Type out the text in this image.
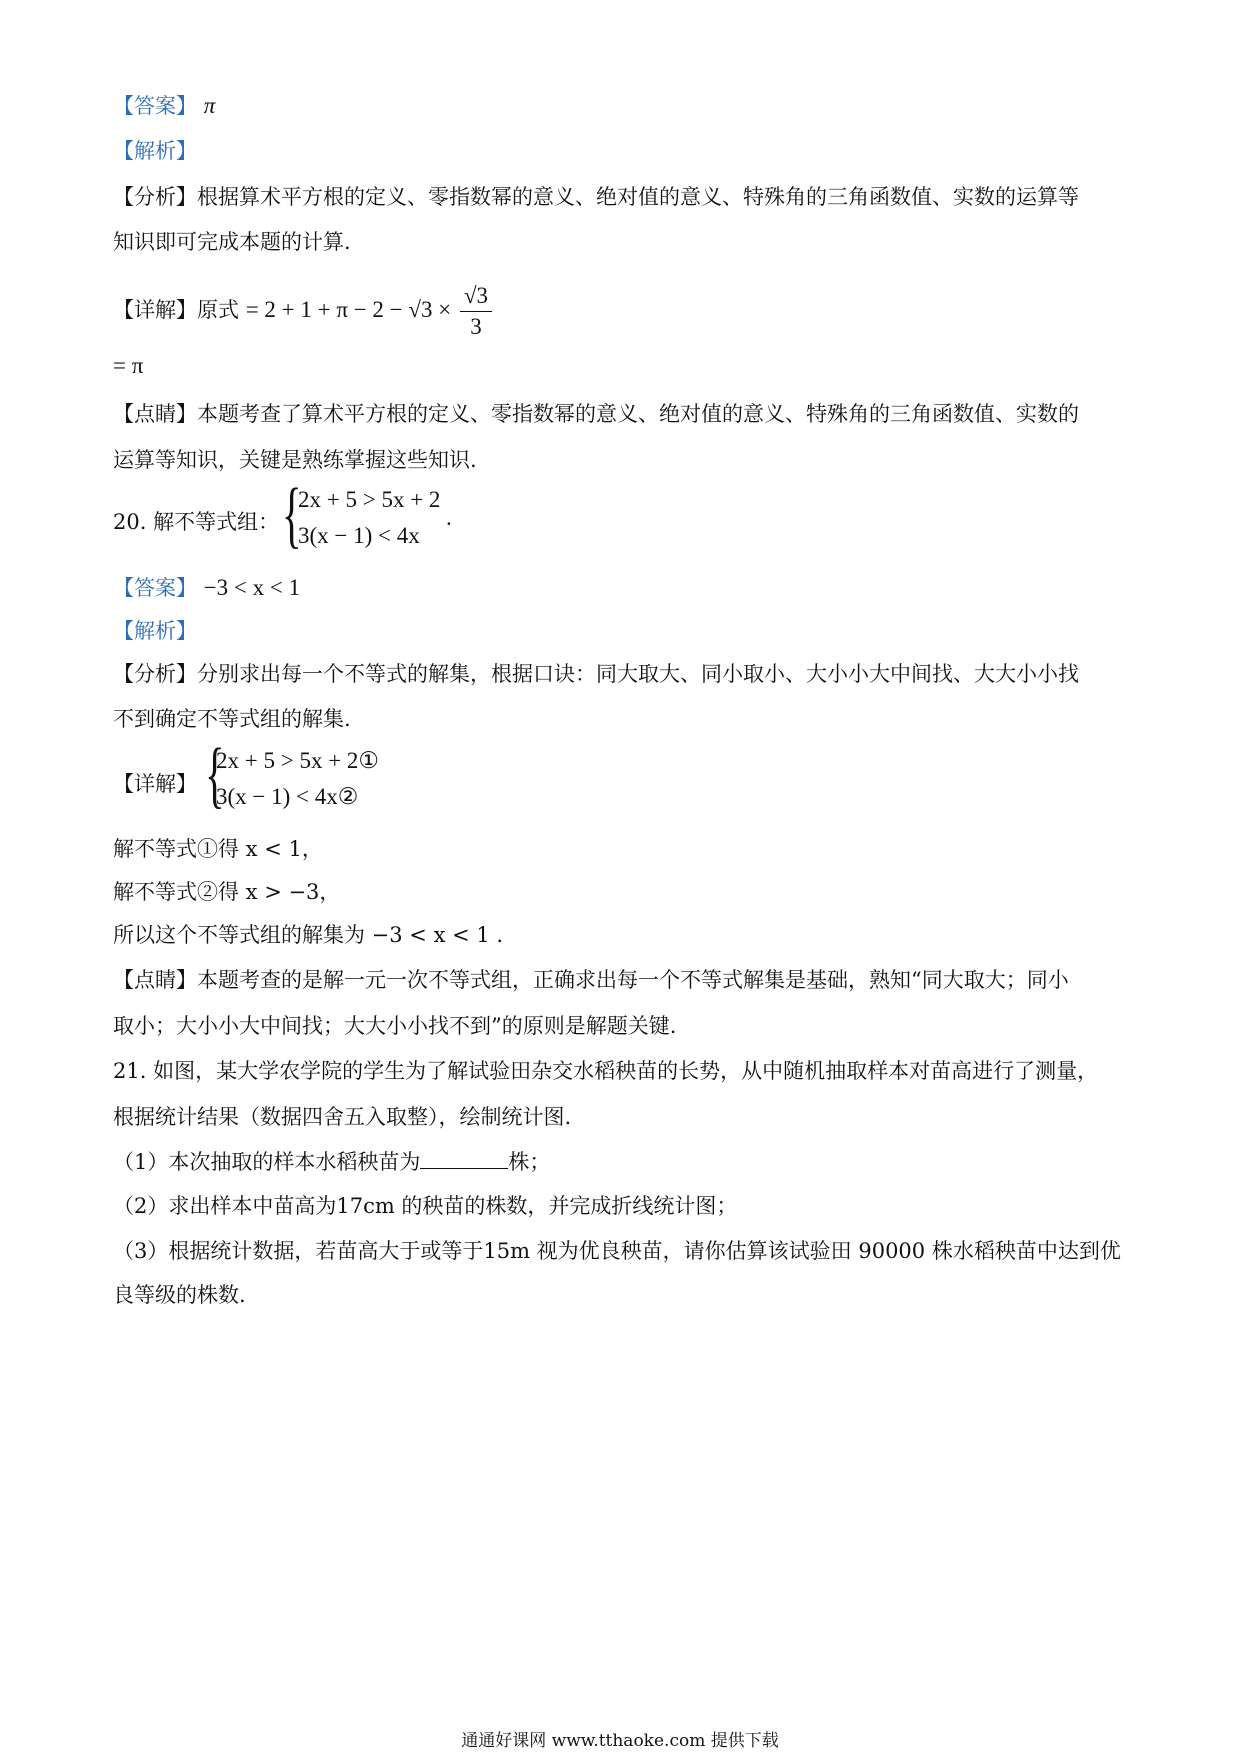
【答案】 π
【解析】
【分析】根据算术平方根的定义、零指数幂的意义、绝对值的意义、特殊角的三角函数值、实数的运算等
知识即可完成本题的计算.
【详解】原式 = $2 + 1 + \pi - 2 - √3 \times \frac{√3}{3}$
= π
【点睛】本题考查了算术平方根的定义、零指数幂的意义、绝对值的意义、特殊角的三角函数值、实数的
运算等知识，关键是熟练掌握这些知识.
20. 解不等式组： {
2x + 5 > 5x + 2
3(x − 1) < 4x
.
【答案】 −3 < x < 1
【解析】
【分析】分别求出每一个不等式的解集，根据口诀：同大取大、同小取小、大小小大中间找、大大小小找
不到确定不等式组的解集.
【详解】 {
2x + 5 > 5x + 2①
3(x − 1) < 4x②
解不等式①得 x < 1，
解不等式②得 x > −3，
所以这个不等式组的解集为 −3 < x < 1 .
【点睛】本题考查的是解一元一次不等式组，正确求出每一个不等式解集是基础，熟知“同大取大；同小
取小；大小小大中间找；大大小小找不到”的原则是解题关键.
21. 如图，某大学农学院的学生为了解试验田杂交水稻秧苗的长势，从中随机抽取样本对苗高进行了测量，
根据统计结果（数据四舍五入取整），绘制统计图.
（1）本次抽取的样本水稻秧苗为	株；
（2）求出样本中苗高为17cm 的秧苗的株数，并完成折线统计图；
（3）根据统计数据，若苗高大于或等于15m 视为优良秧苗，请你估算该试验田 90000 株水稻秧苗中达到优
良等级的株数.
通通好课网 www.tthaoke.com 提供下载
